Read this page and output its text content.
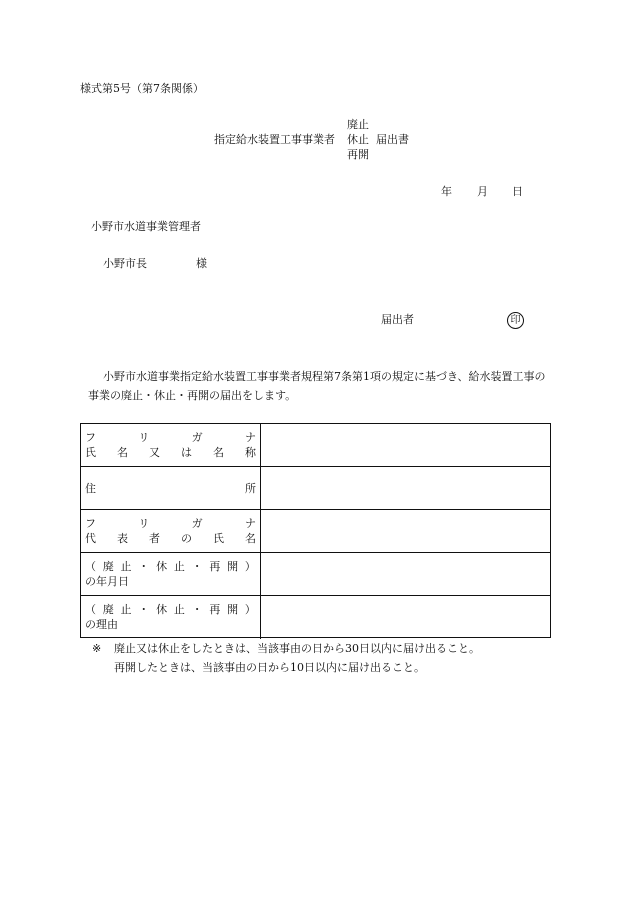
様式第5号（第7条関係）
指定給水装置工事事業者
廃止
休止
再開
届出書
年 月 日
小野市水道事業管理者
小野市長	様
届出者	印
小野市水道事業指定給水装置工事事業者規程第7条第1項の規定に基づき、給水装置工事の事業の廃止・休止・再開の届出をします。
フ	リ	ガ	ナ
氏 名 又 は 名 称
住	所
フ	リ	ガ	ナ
代 表 者 の 氏 名
（ 廃 止 ・ 休 止 ・ 再 開 ）
の年月日
（ 廃 止 ・ 休 止 ・ 再 開 ）
の理由
※ 廃止又は休止をしたときは、当該事由の日から30日以内に届け出ること。
再開したときは、当該事由の日から10日以内に届け出ること。
